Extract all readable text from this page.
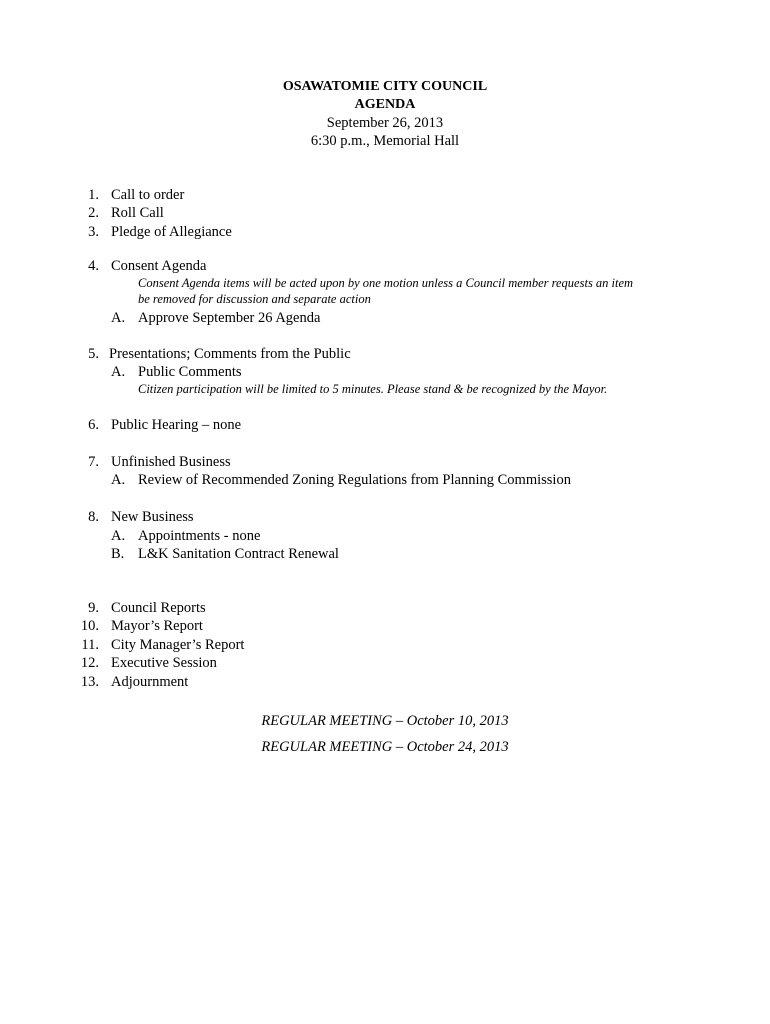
OSAWATOMIE CITY COUNCIL
AGENDA
September 26, 2013
6:30 p.m., Memorial Hall
1. Call to order
2. Roll Call
3. Pledge of Allegiance
4. Consent Agenda
Consent Agenda items will be acted upon by one motion unless a Council member requests an item
be removed for discussion and separate action
A. Approve September 26 Agenda
5. Presentations; Comments from the Public
A. Public Comments
Citizen participation will be limited to 5 minutes. Please stand & be recognized by the Mayor.
6. Public Hearing – none
7. Unfinished Business
A. Review of Recommended Zoning Regulations from Planning Commission
8. New Business
A. Appointments - none
B. L&K Sanitation Contract Renewal
9. Council Reports
10. Mayor’s Report
11. City Manager’s Report
12. Executive Session
13. Adjournment
REGULAR MEETING – October 10, 2013
REGULAR MEETING – October 24, 2013
